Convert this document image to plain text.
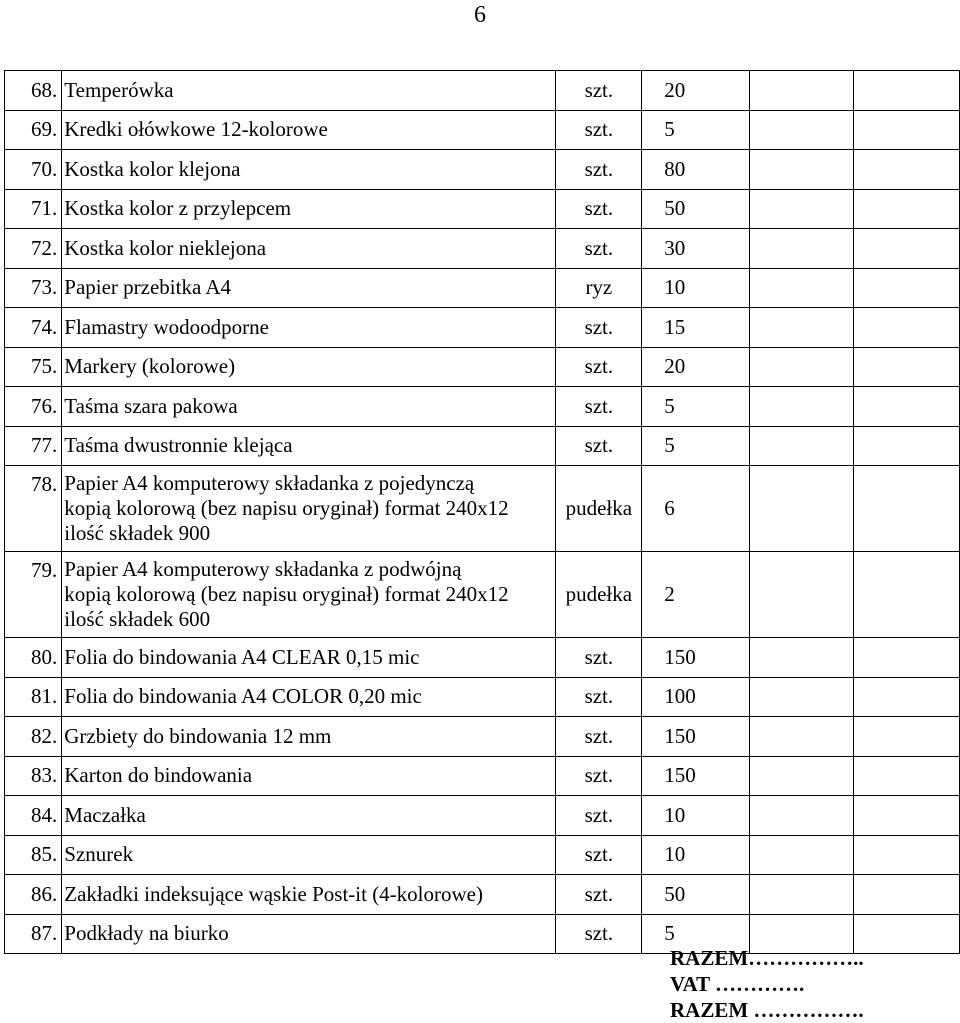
6
68.	Temperówka	szt.	20		
69.	Kredki ołówkowe 12-kolorowe	szt.	5		
70.	Kostka kolor klejona	szt.	80		
71.	Kostka kolor z przylepcem	szt.	50		
72.	Kostka kolor nieklejona	szt.	30		
73.	Papier przebitka A4	ryz	10		
74.	Flamastry wodoodporne	szt.	15		
75.	Markery (kolorowe)	szt.	20		
76.	Taśma szara pakowa	szt.	5		
77.	Taśma dwustronnie klejąca	szt.	5		
78.	Papier A4 komputerowy składanka z pojedynczą
kopią kolorową (bez napisu oryginał) format 240x12
ilość składek 900	pudełka	6		
79.	Papier A4 komputerowy składanka z podwójną
kopią kolorową (bez napisu oryginał) format 240x12
ilość składek 600	pudełka	2		
80.	Folia do bindowania A4 CLEAR 0,15 mic	szt.	150		
81.	Folia do bindowania A4 COLOR 0,20 mic	szt.	100		
82.	Grzbiety do bindowania 12 mm	szt.	150		
83.	Karton do bindowania	szt.	150		
84.	Maczałka	szt.	10		
85.	Sznurek	szt.	10		
86.	Zakładki indeksujące wąskie Post-it (4-kolorowe)	szt.	50		
87.	Podkłady na biurko	szt.	5		
RAZEM……………..
VAT ………….
RAZEM …………….
